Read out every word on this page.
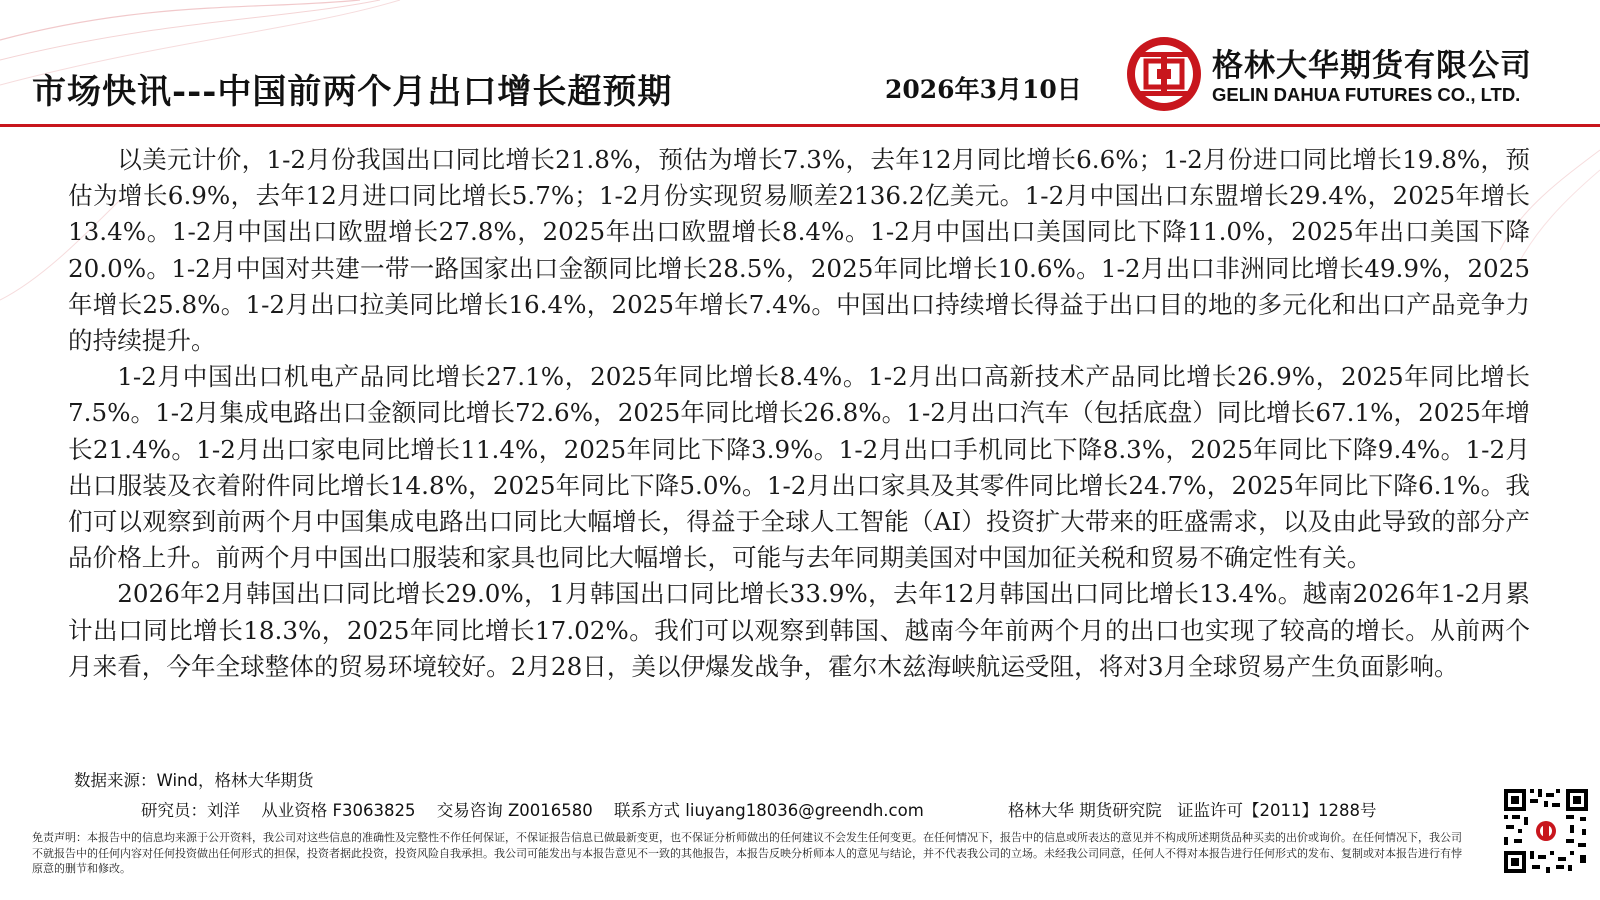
市场快讯---中国前两个月出口增长超预期	2026年3月10日
格林大华期货有限公司
GELIN DAHUA FUTURES CO., LTD.

以美元计价，1-2月份我国出口同比增长21.8%，预估为增长7.3%，去年12月同比增长6.6%；1-2月份进口同比增长19.8%，预估为增长6.9%，去年12月进口同比增长5.7%；1-2月份实现贸易顺差2136.2亿美元。1-2月中国出口东盟增长29.4%，2025年增长13.4%。1-2月中国出口欧盟增长27.8%，2025年出口欧盟增长8.4%。1-2月中国出口美国同比下降11.0%，2025年出口美国下降20.0%。1-2月中国对共建一带一路国家出口金额同比增长28.5%，2025年同比增长10.6%。1-2月出口非洲同比增长49.9%，2025年增长25.8%。1-2月出口拉美同比增长16.4%，2025年增长7.4%。中国出口持续增长得益于出口目的地的多元化和出口产品竞争力的持续提升。

1-2月中国出口机电产品同比增长27.1%，2025年同比增长8.4%。1-2月出口高新技术产品同比增长26.9%，2025年同比增长7.5%。1-2月集成电路出口金额同比增长72.6%，2025年同比增长26.8%。1-2月出口汽车（包括底盘）同比增长67.1%，2025年增长21.4%。1-2月出口家电同比增长11.4%，2025年同比下降3.9%。1-2月出口手机同比下降8.3%，2025年同比下降9.4%。1-2月出口服装及衣着附件同比增长14.8%，2025年同比下降5.0%。1-2月出口家具及其零件同比增长24.7%，2025年同比下降6.1%。我们可以观察到前两个月中国集成电路出口同比大幅增长，得益于全球人工智能（AI）投资扩大带来的旺盛需求，以及由此导致的部分产品价格上升。前两个月中国出口服装和家具也同比大幅增长，可能与去年同期美国对中国加征关税和贸易不确定性有关。

2026年2月韩国出口同比增长29.0%，1月韩国出口同比增长33.9%，去年12月韩国出口同比增长13.4%。越南2026年1-2月累计出口同比增长18.3%，2025年同比增长17.02%。我们可以观察到韩国、越南今年前两个月的出口也实现了较高的增长。从前两个月来看，今年全球整体的贸易环境较好。2月28日，美以伊爆发战争，霍尔木兹海峡航运受阻，将对3月全球贸易产生负面影响。

数据来源：Wind，格林大华期货
研究员：刘洋 从业资格 F3063825 交易咨询 Z0016580 联系方式 liuyang18036@greendh.com	格林大华 期货研究院 证监许可【2011】1288号
免责声明：本报告中的信息均来源于公开资料，我公司对这些信息的准确性及完整性不作任何保证，不保证报告信息已做最新变更，也不保证分析师做出的任何建议不会发生任何变更。在任何情况下，报告中的信息或所表达的意见并不构成所述期货品种买卖的出价或询价。在任何情况下，我公司不就报告中的任何内容对任何投资做出任何形式的担保，投资者据此投资，投资风险自我承担。我公司可能发出与本报告意见不一致的其他报告，本报告反映分析师本人的意见与结论，并不代表我公司的立场。未经我公司同意，任何人不得对本报告进行任何形式的发布、复制或对本报告进行有悖原意的删节和修改。
